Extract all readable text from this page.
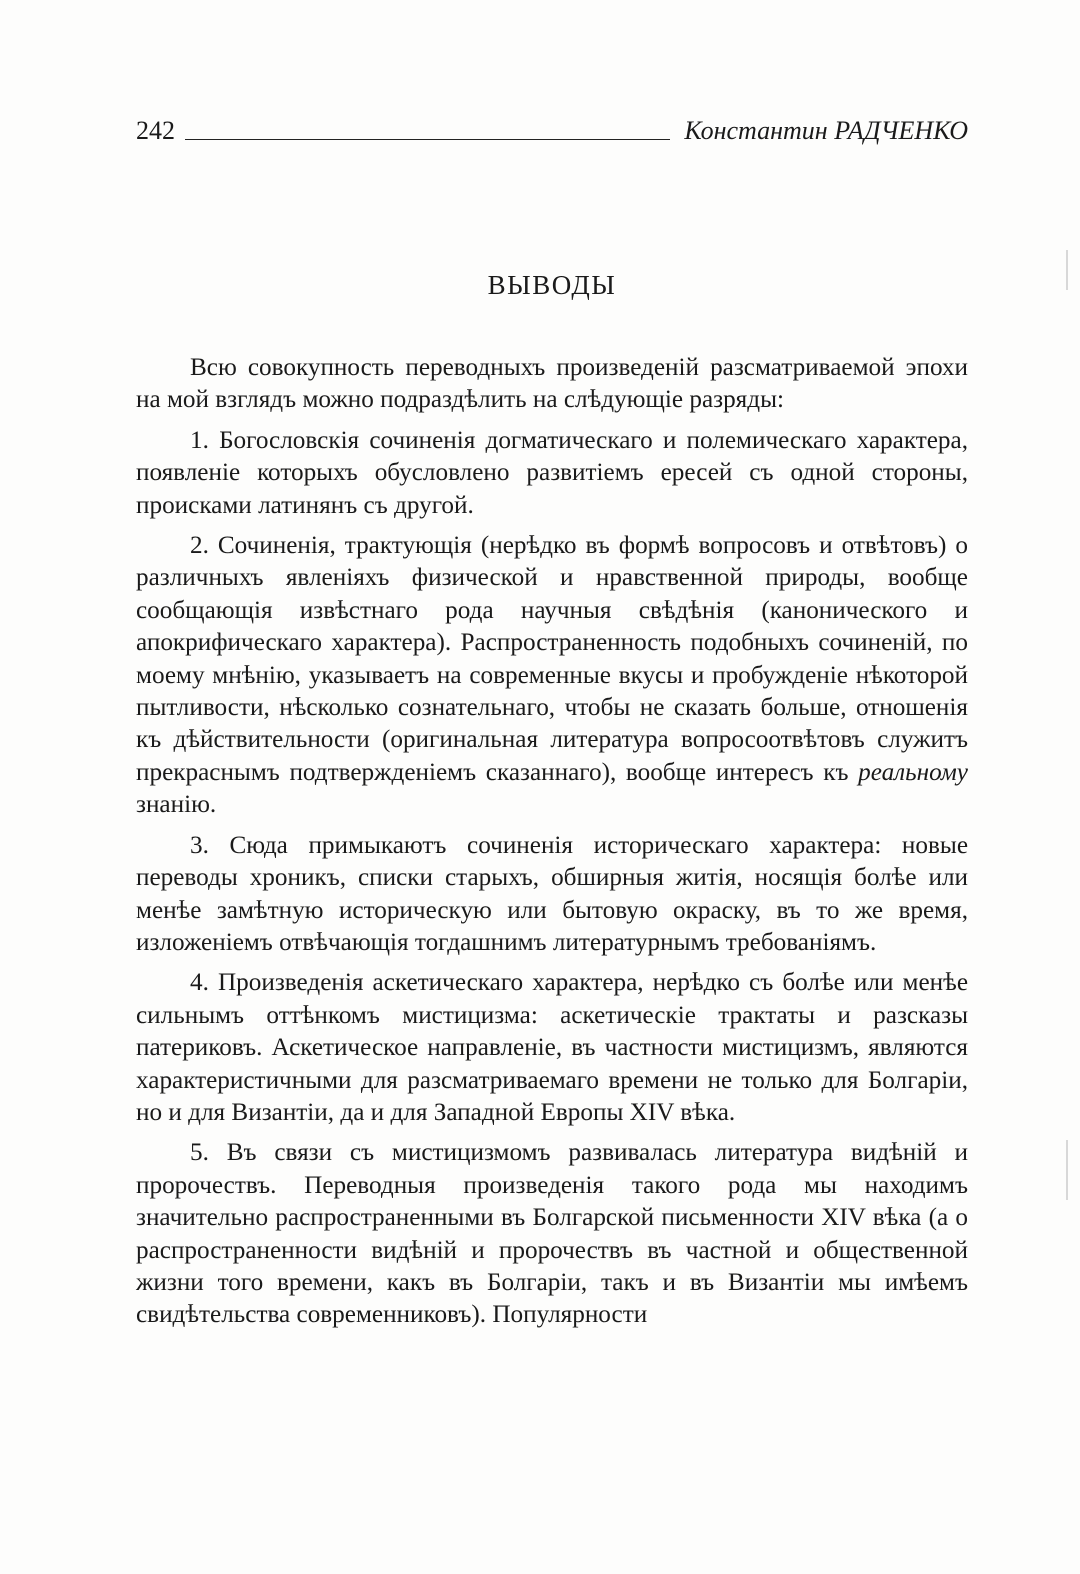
242	Константин РАДЧЕНКО
ВЫВОДЫ

Всю совокупность переводныхъ произведенiй разсматриваемой эпохи на мой взглядъ можно подраздѣлить на слѣдующiе разряды:

1. Богословскiя сочиненiя догматическаго и полемическаго характера, появленiе которыхъ обусловлено развитiемъ ересей съ одной стороны, происками латинянъ съ другой.

2. Сочиненiя, трактующiя (нерѣдко въ формѣ вопросовъ и отвѣтовъ) о различныхъ явленiяхъ физической и нравственной природы, вообще сообщающiя извѣстнаго рода научныя свѣдѣнiя (канонического и апокрифическаго характера). Распространенность подобныхъ сочиненiй, по моему мнѣнiю, указываетъ на современные вкусы и пробужденiе нѣкоторой пытливости, нѣсколько сознательнаго, чтобы не сказать больше, отношенiя къ дѣйствительности (оригинальная литература вопросоотвѣтовъ служитъ прекраснымъ подтвержденiемъ сказаннаго), вообще интересъ къ реальному знанiю.

3. Сюда примыкаютъ сочиненiя историческаго характера: новые переводы хроникъ, списки старыхъ, обширныя житiя, носящiя болѣе или менѣе замѣтную историческую или бытовую окраску, въ то же время, изложенiемъ отвѣчающiя тогдашнимъ литературнымъ требованiямъ.

4. Произведенiя аскетическаго характера, нерѣдко съ болѣе или менѣе сильнымъ оттѣнкомъ мистицизма: аскетическiе трактаты и разсказы патериковъ. Аскетическое направленiе, въ частности мистицизмъ, являются характеристичными для разсматриваемаго времени не только для Болгарiи, но и для Византiи, да и для Западной Европы XIV вѣка.

5. Въ связи съ мистицизмомъ развивалась литература видѣнiй и пророчествъ. Переводныя произведенiя такого рода мы находимъ значительно распространенными въ Болгарской письменности XIV вѣка (а о распространенности видѣнiй и пророчествъ въ частной и общественной жизни того времени, какъ въ Болгарiи, такъ и въ Византiи мы имѣемъ свидѣтельства современниковъ). Популярности
